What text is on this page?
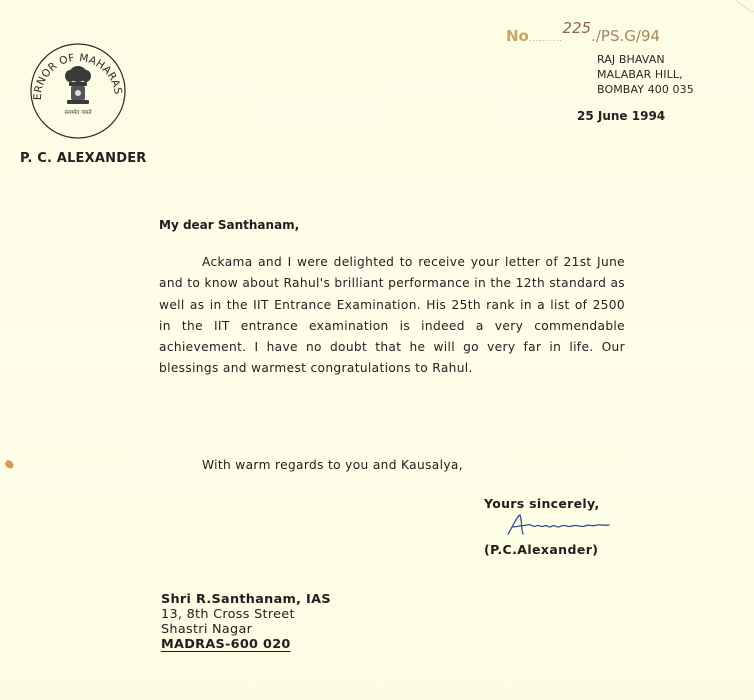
ERNOR OF MAHARAS
सत्यमेव जयते
P. C. ALEXANDER
No..........225./PS.G/94
RAJ BHAVAN
MALABAR HILL,
BOMBAY 400 035
25 June 1994
My dear Santhanam,
Ackama and I were delighted to receive your letter of 21st June and to know about Rahul's brilliant performance in the 12th standard as well as in the IIT Entrance Examination. His 25th rank in a list of 2500 in the IIT entrance examination is indeed a very commendable achievement. I have no doubt that he will go very far in life. Our blessings and warmest congratulations to Rahul.
With warm regards to you and Kausalya,
Yours sincerely,
(P.C.Alexander)
Shri R.Santhanam, IAS
13, 8th Cross Street
Shastri Nagar
MADRAS-600 020
